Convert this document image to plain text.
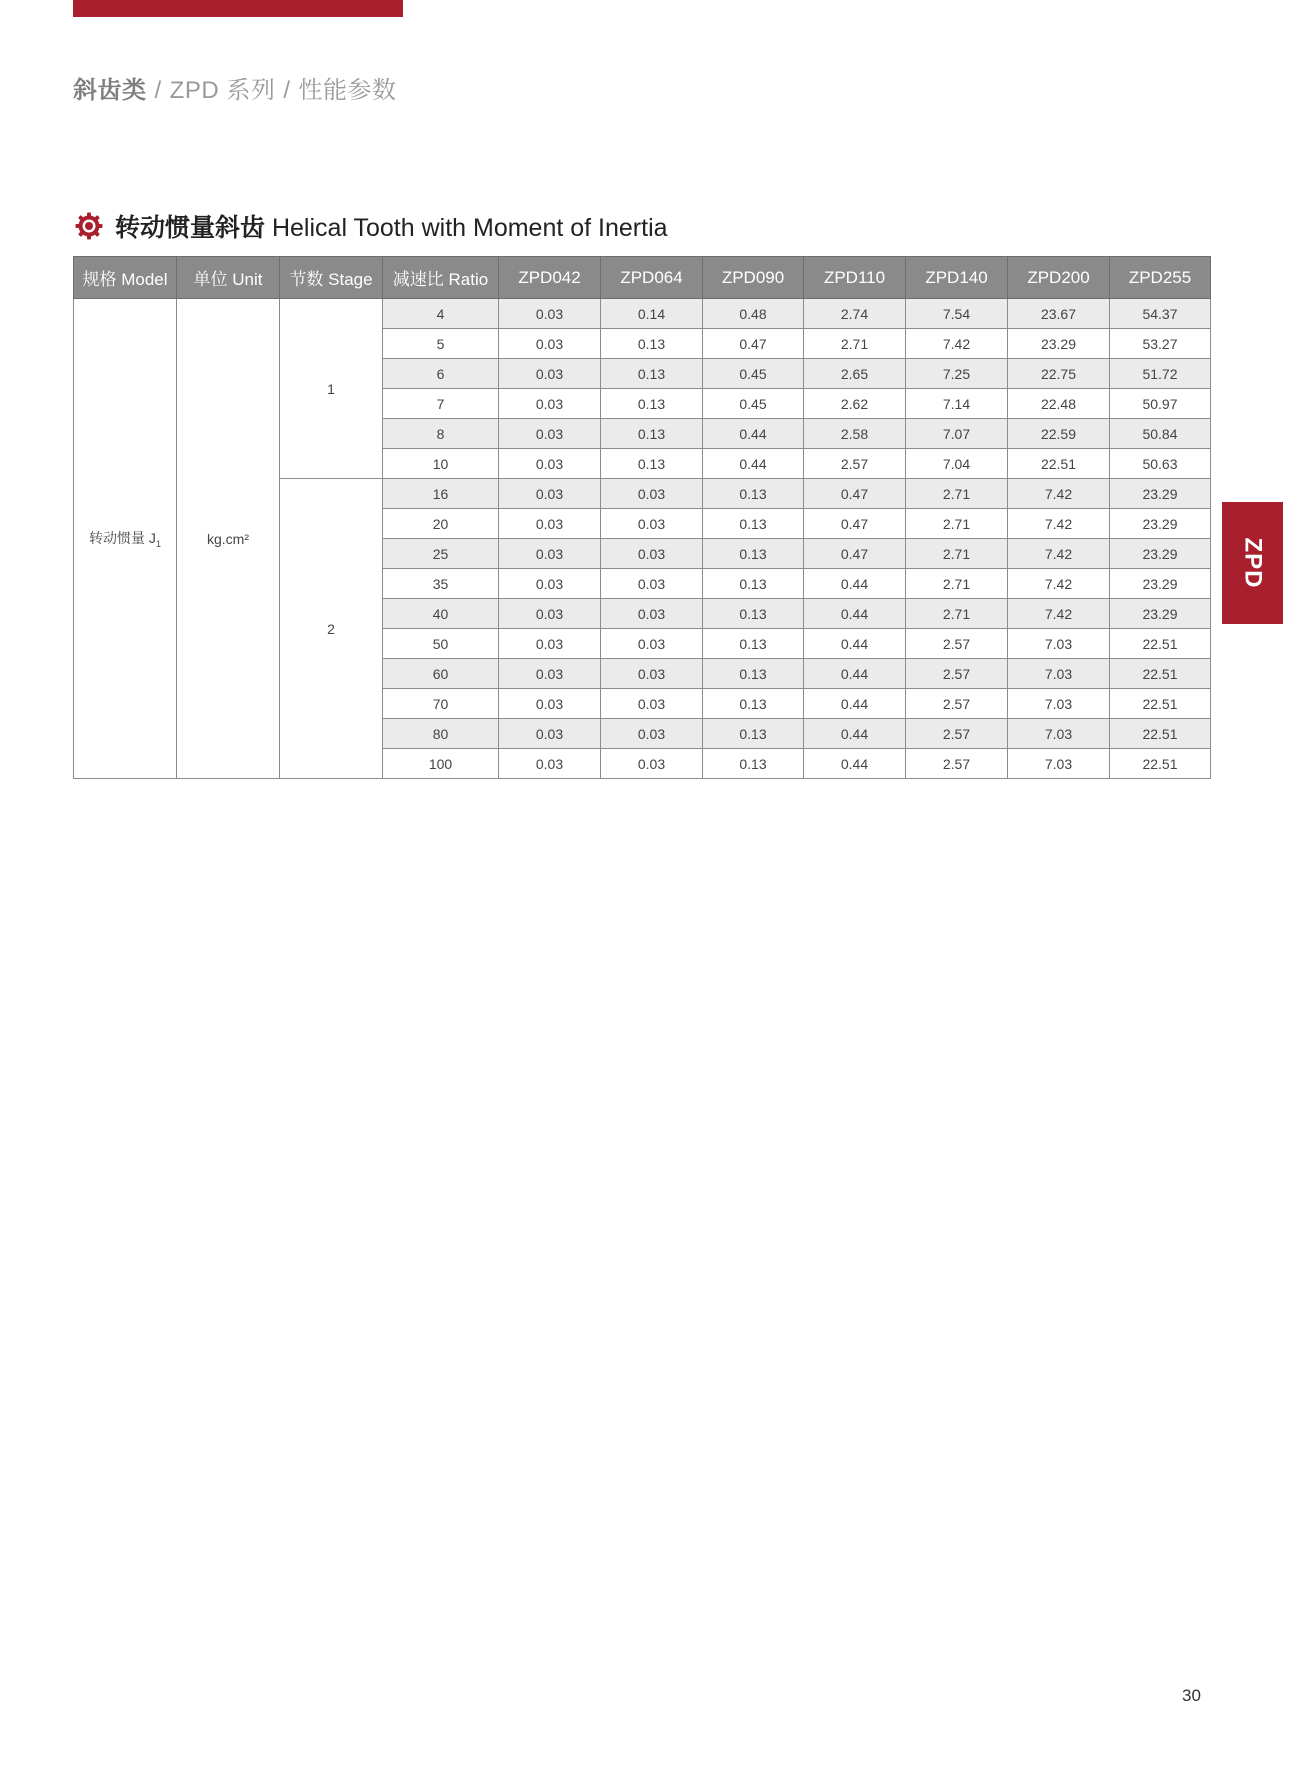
斜齿类 / ZPD 系列 / 性能参数
转动惯量斜齿 Helical Tooth with Moment of Inertia
规格 Model	单位 Unit	节数 Stage	减速比 Ratio	ZPD042	ZPD064	ZPD090	ZPD110	ZPD140	ZPD200	ZPD255
转动惯量 $J_1$	kg.cm²	1	4	0.03	0.14	0.48	2.74	7.54	23.67	54.37
			5	0.03	0.13	0.47	2.71	7.42	23.29	53.27
			6	0.03	0.13	0.45	2.65	7.25	22.75	51.72
			7	0.03	0.13	0.45	2.62	7.14	22.48	50.97
			8	0.03	0.13	0.44	2.58	7.07	22.59	50.84
			10	0.03	0.13	0.44	2.57	7.04	22.51	50.63
		2	16	0.03	0.03	0.13	0.47	2.71	7.42	23.29
			20	0.03	0.03	0.13	0.47	2.71	7.42	23.29
			25	0.03	0.03	0.13	0.47	2.71	7.42	23.29
			35	0.03	0.03	0.13	0.44	2.71	7.42	23.29
			40	0.03	0.03	0.13	0.44	2.71	7.42	23.29
			50	0.03	0.03	0.13	0.44	2.57	7.03	22.51
			60	0.03	0.03	0.13	0.44	2.57	7.03	22.51
			70	0.03	0.03	0.13	0.44	2.57	7.03	22.51
			80	0.03	0.03	0.13	0.44	2.57	7.03	22.51
			100	0.03	0.03	0.13	0.44	2.57	7.03	22.51
ZPD
30
